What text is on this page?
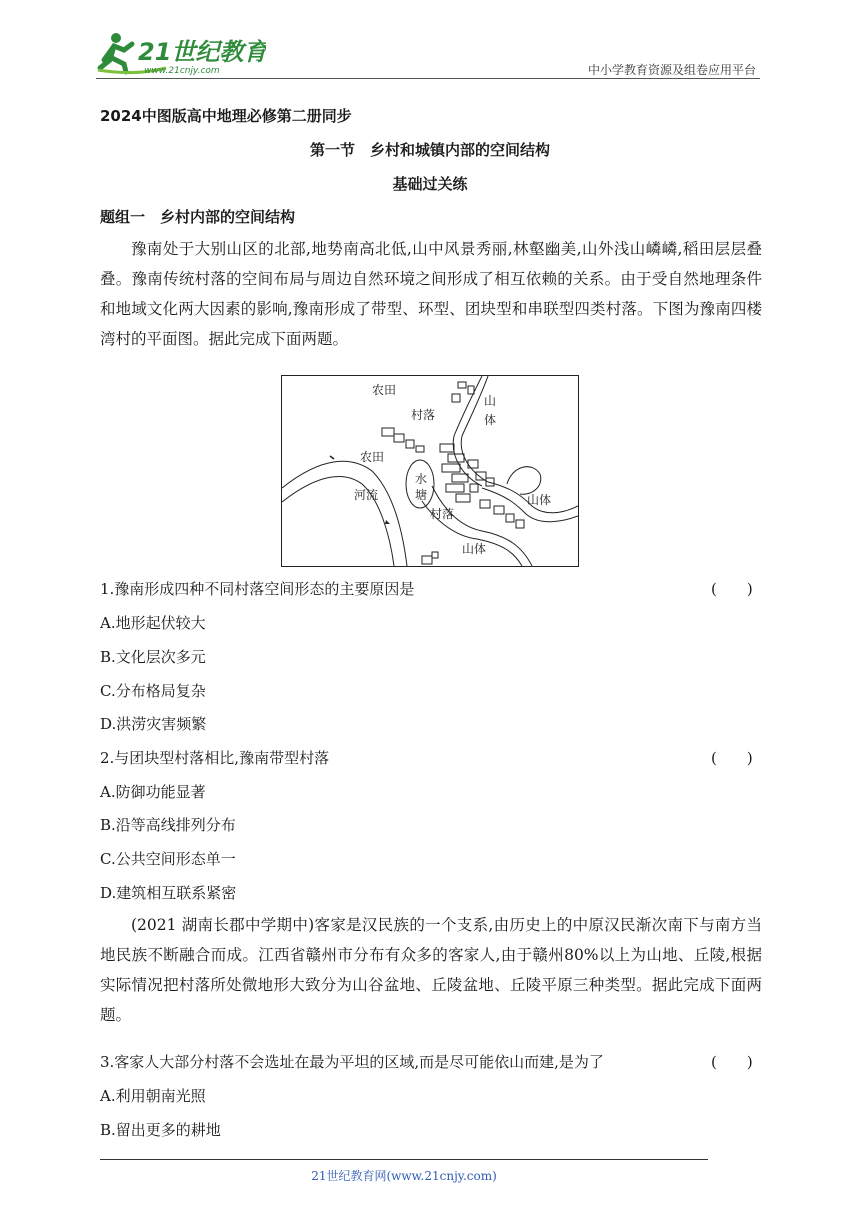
21世纪教育
www.21cnjy.com	中小学教育资源及组卷应用平台
2024中图版高中地理必修第二册同步
第一节　乡村和城镇内部的空间结构
基础过关练
题组一　乡村内部的空间结构
豫南处于大别山区的北部,地势南高北低,山中风景秀丽,林壑幽美,山外浅山嶙嶙,稻田层层叠叠。豫南传统村落的空间布局与周边自然环境之间形成了相互依赖的关系。由于受自然地理条件和地域文化两大因素的影响,豫南形成了带型、环型、团块型和串联型四类村落。下图为豫南四楼湾村的平面图。据此完成下面两题。
农田
村落
山
体
农田
河流
水
塘
村落
山体
山体
1.豫南形成四种不同村落空间形态的主要原因是	(　　)
A.地形起伏较大
B.文化层次多元
C.分布格局复杂
D.洪涝灾害频繁
2.与团块型村落相比,豫南带型村落	(　　)
A.防御功能显著
B.沿等高线排列分布
C.公共空间形态单一
D.建筑相互联系紧密
(2021 湖南长郡中学期中)客家是汉民族的一个支系,由历史上的中原汉民渐次南下与南方当地民族不断融合而成。江西省赣州市分布有众多的客家人,由于赣州80%以上为山地、丘陵,根据实际情况把村落所处微地形大致分为山谷盆地、丘陵盆地、丘陵平原三种类型。据此完成下面两题。
3.客家人大部分村落不会选址在最为平坦的区域,而是尽可能依山而建,是为了	(　　)
A.利用朝南光照
B.留出更多的耕地
21世纪教育网(www.21cnjy.com)
